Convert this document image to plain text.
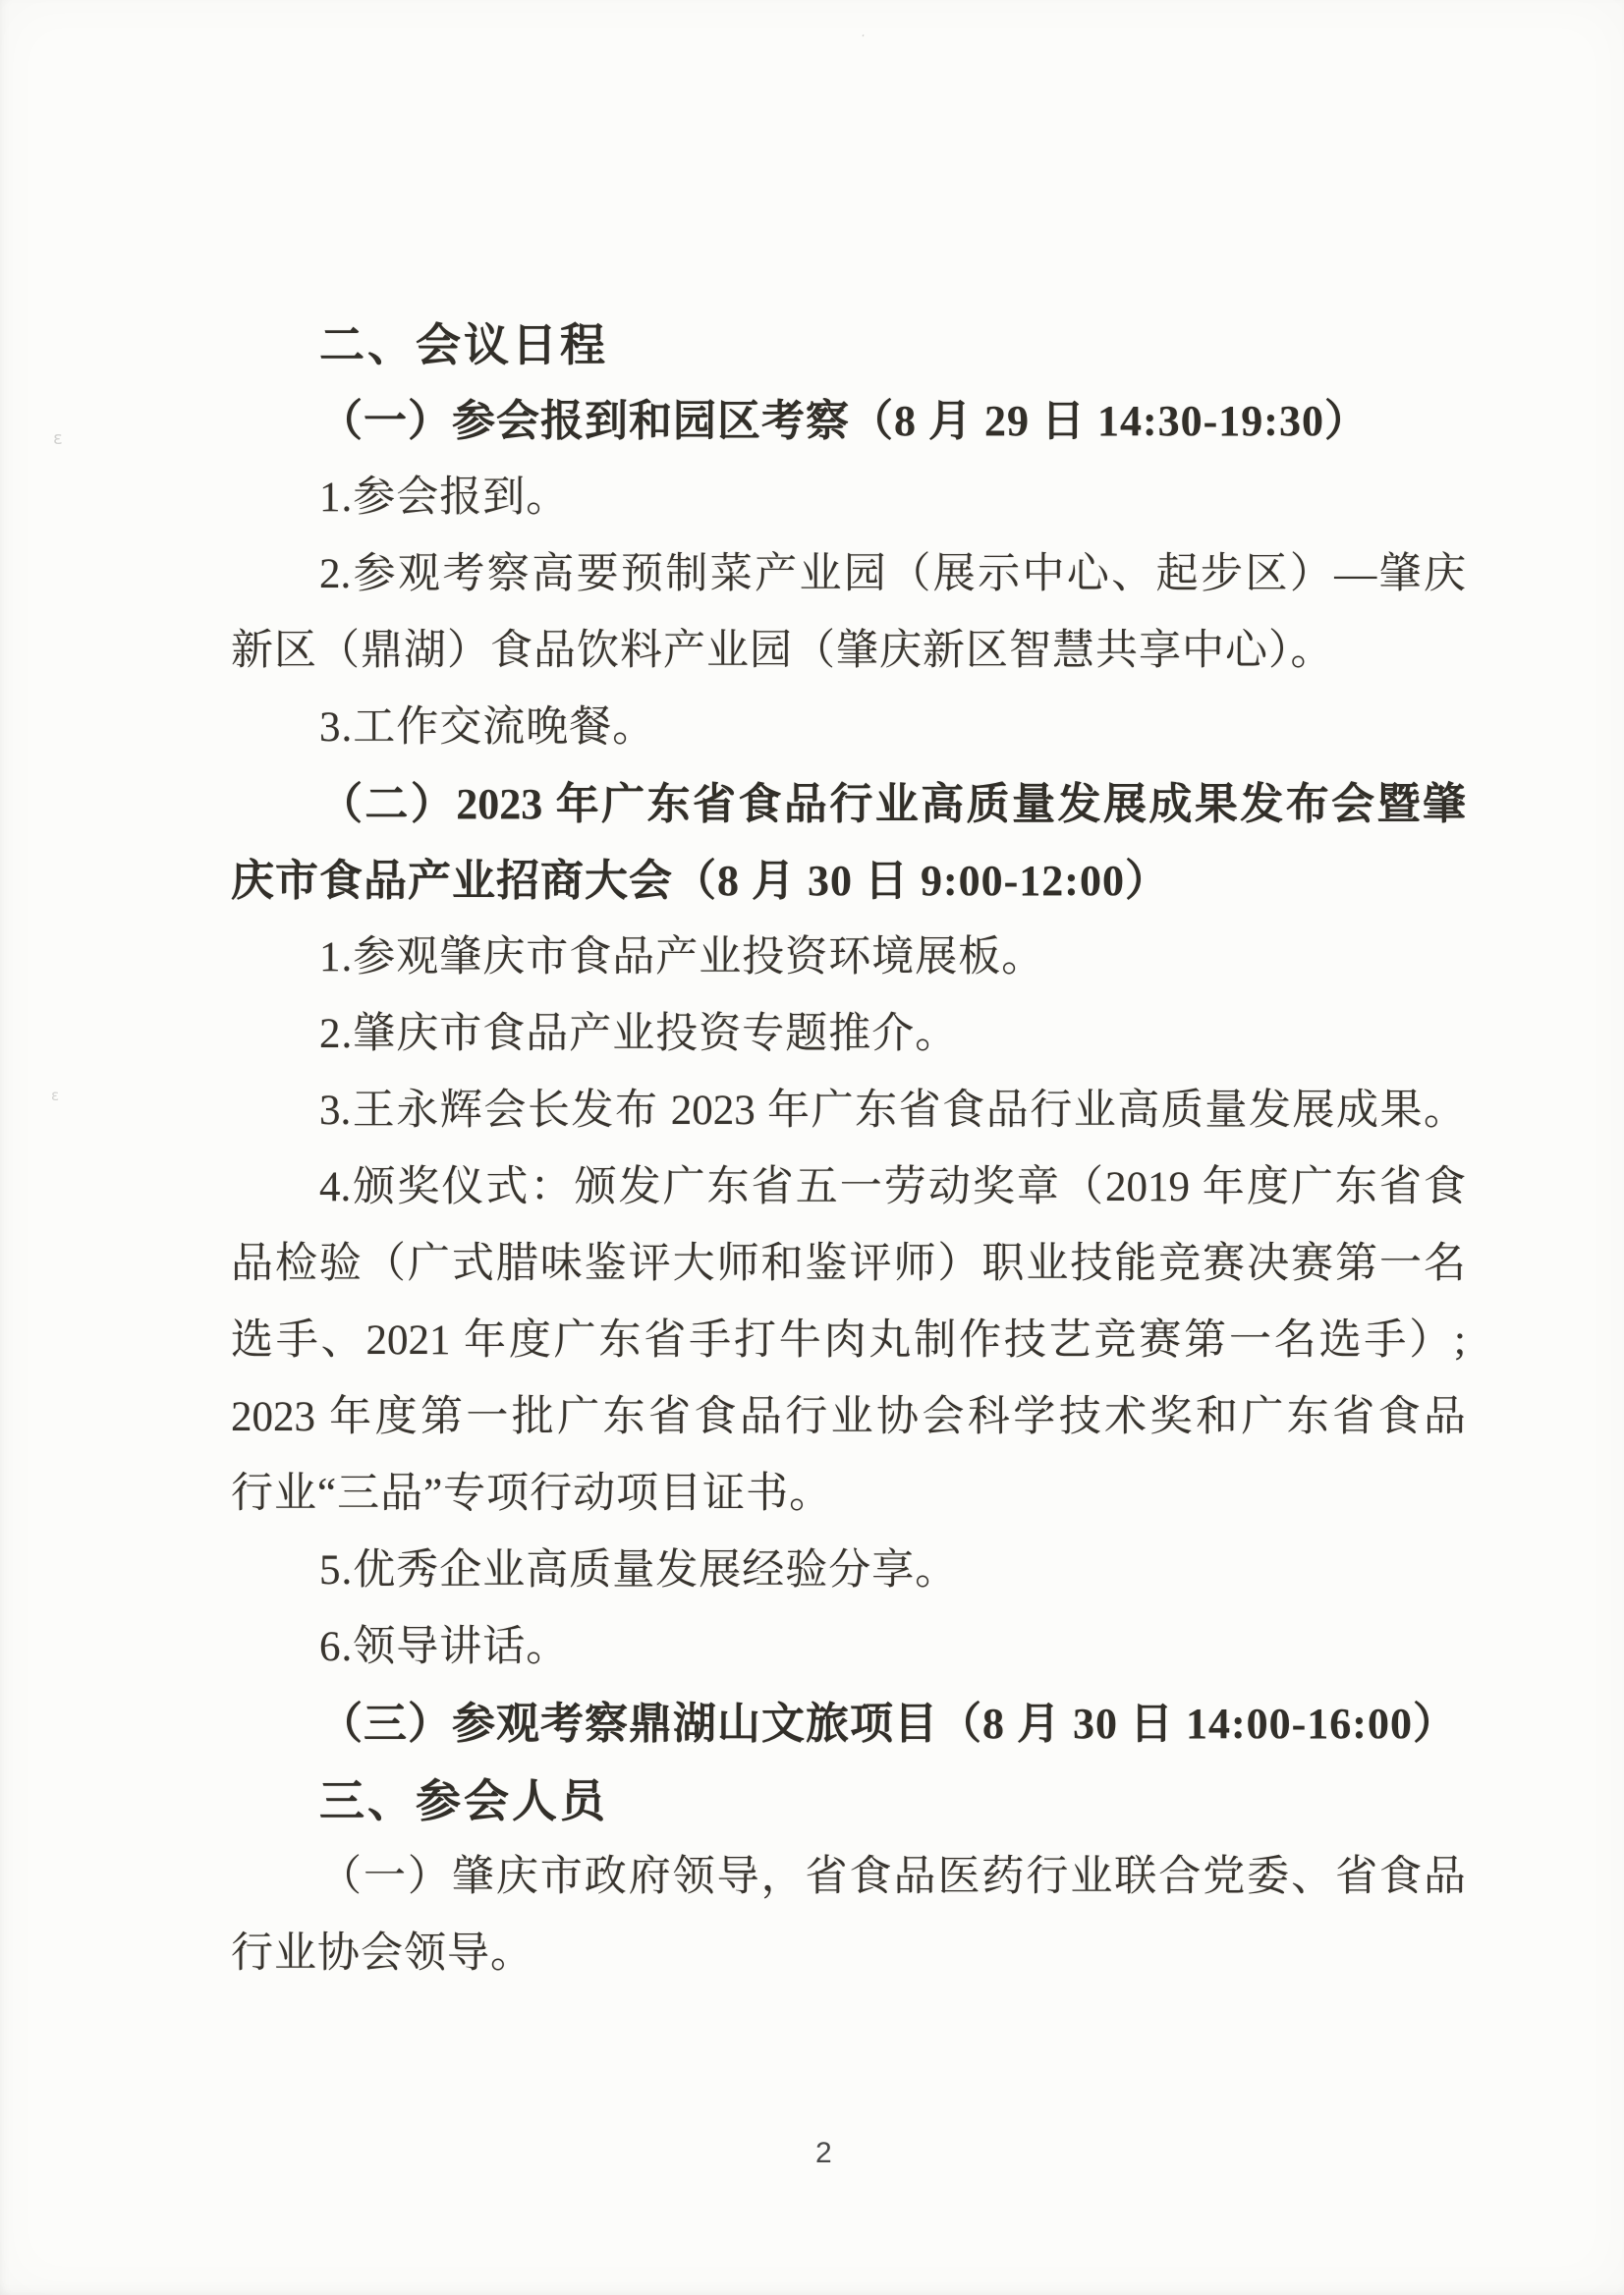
二、会议日程
（一）参会报到和园区考察（8 月 29 日 14:30-19:30）
1.参会报到。
2.参观考察高要预制菜产业园（展示中心、起步区）—肇庆
新区（鼎湖）食品饮料产业园（肇庆新区智慧共享中心）。
3.工作交流晚餐。
（二）2023 年广东省食品行业高质量发展成果发布会暨肇
庆市食品产业招商大会（8 月 30 日 9:00-12:00）
1.参观肇庆市食品产业投资环境展板。
2.肇庆市食品产业投资专题推介。
3.王永辉会长发布 2023 年广东省食品行业高质量发展成果。
4.颁奖仪式：颁发广东省五一劳动奖章（2019 年度广东省食
品检验（广式腊味鉴评大师和鉴评师）职业技能竞赛决赛第一名
选手、2021 年度广东省手打牛肉丸制作技艺竞赛第一名选手）;
2023 年度第一批广东省食品行业协会科学技术奖和广东省食品
行业“三品”专项行动项目证书。
5.优秀企业高质量发展经验分享。
6.领导讲话。
（三）参观考察鼎湖山文旅项目（8 月 30 日 14:00-16:00）
三、参会人员
（一）肇庆市政府领导，省食品医药行业联合党委、省食品
行业协会领导。
2
·
ε
ε
